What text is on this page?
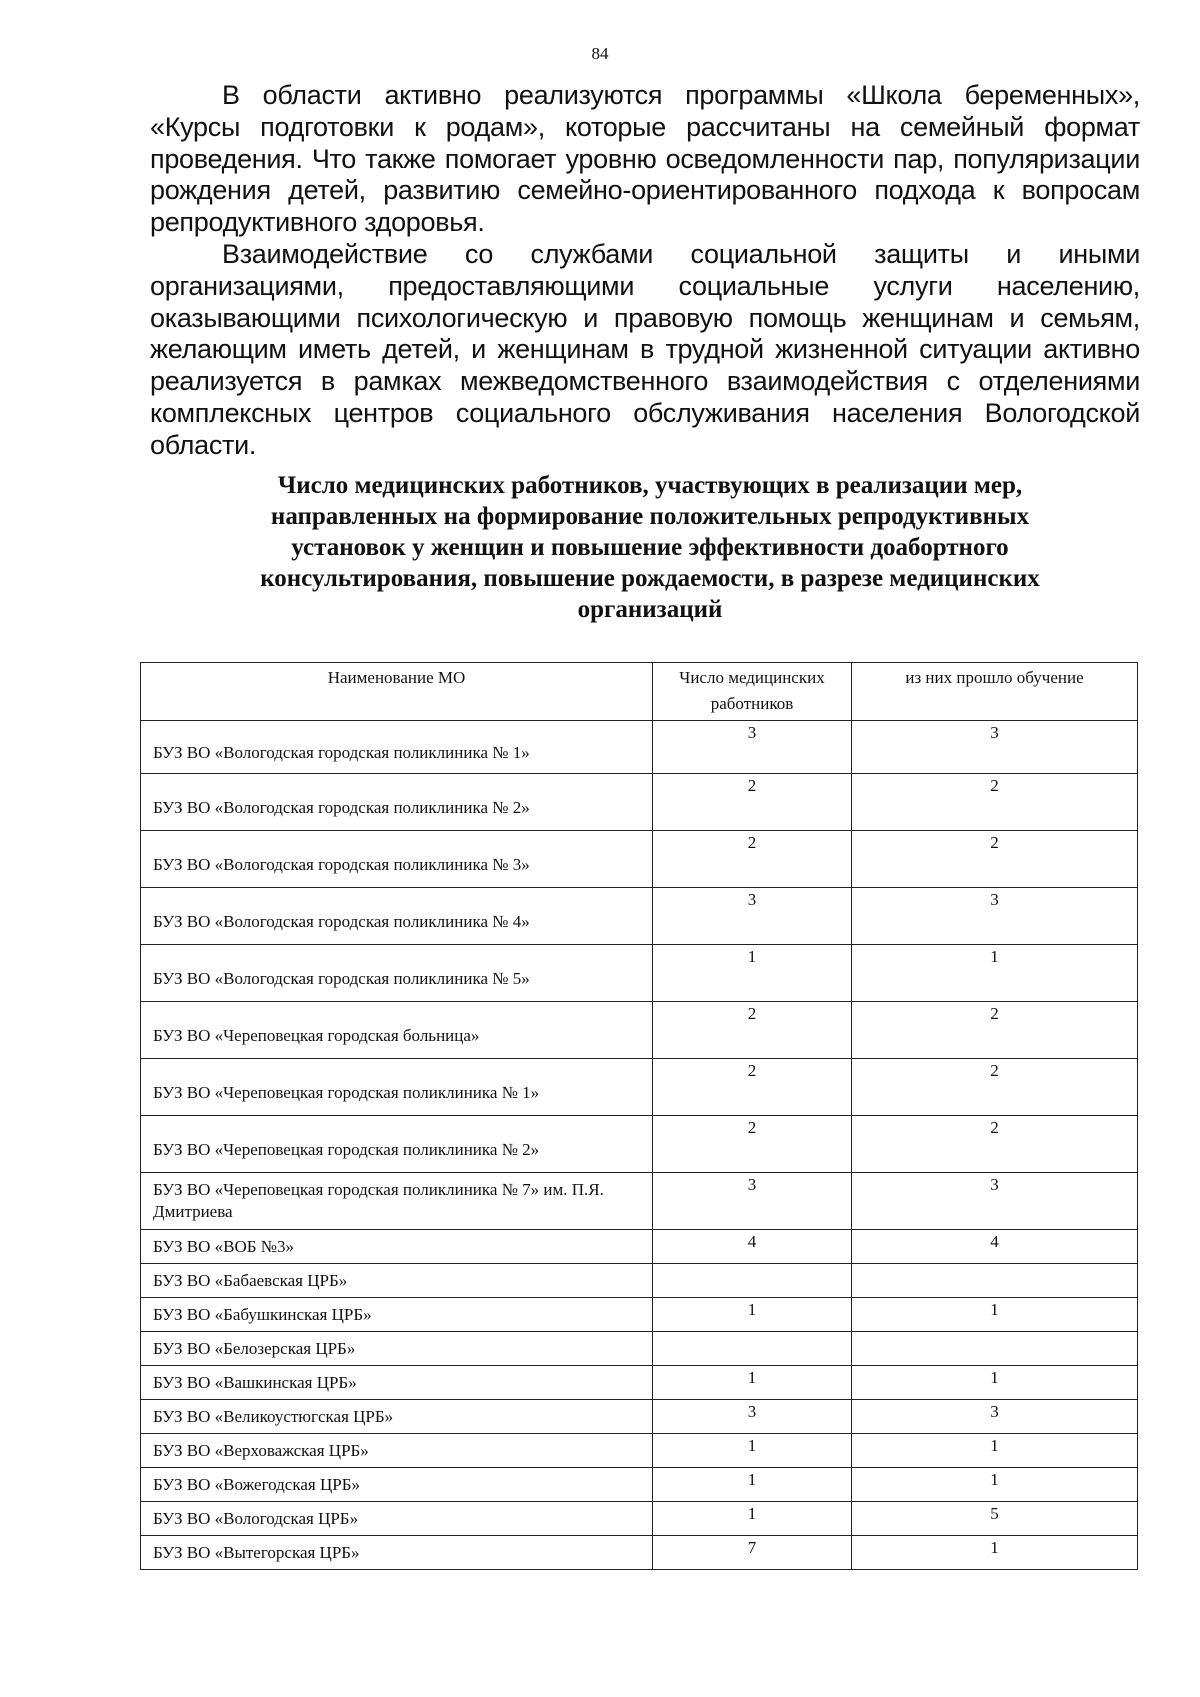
84

В области активно реализуются программы «Школа беременных», «Курсы подготовки к родам», которые рассчитаны на семейный формат проведения. Что также помогает уровню осведомленности пар, популяризации рождения детей, развитию семейно-ориентированного подхода к вопросам репродуктивного здоровья.

Взаимодействие со службами социальной защиты и иными организациями, предоставляющими социальные услуги населению, оказывающими психологическую и правовую помощь женщинам и семьям, желающим иметь детей, и женщинам в трудной жизненной ситуации активно реализуется в рамках межведомственного взаимодействия с отделениями комплексных центров социального обслуживания населения Вологодской области.

Число медицинских работников, участвующих в реализации мер,
направленных на формирование положительных репродуктивных
установок у женщин и повышение эффективности доабортного
консультирования, повышение рождаемости, в разрезе медицинских
организаций
Наименование МО	Число медицинских работников	из них прошло обучение
БУЗ ВО «Вологодская городская поликлиника № 1»	3	3
БУЗ ВО «Вологодская городская поликлиника № 2»	2	2
БУЗ ВО «Вологодская городская поликлиника № 3»	2	2
БУЗ ВО «Вологодская городская поликлиника № 4»	3	3
БУЗ ВО «Вологодская городская поликлиника № 5»	1	1
БУЗ ВО «Череповецкая городская больница»	2	2
БУЗ ВО «Череповецкая городская поликлиника № 1»	2	2
БУЗ ВО «Череповецкая городская поликлиника № 2»	2	2
БУЗ ВО «Череповецкая городская поликлиника № 7» им. П.Я. Дмитриева	3	3
БУЗ ВО «ВОБ №3»	4	4
БУЗ ВО «Бабаевская ЦРБ»		
БУЗ ВО «Бабушкинская ЦРБ»	1	1
БУЗ ВО «Белозерская ЦРБ»		
БУЗ ВО «Вашкинская ЦРБ»	1	1
БУЗ ВО «Великоустюгская ЦРБ»	3	3
БУЗ ВО «Верховажская ЦРБ»	1	1
БУЗ ВО «Вожегодская ЦРБ»	1	1
БУЗ ВО «Вологодская ЦРБ»	1	5
БУЗ ВО «Вытегорская ЦРБ»	7	1
